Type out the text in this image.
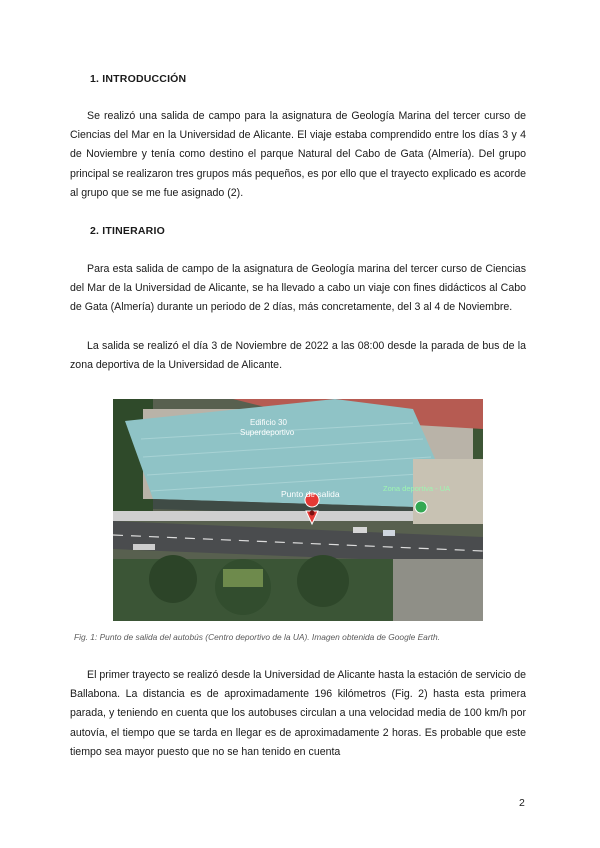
1. INTRODUCCIÓN

Se realizó una salida de campo para la asignatura de Geología Marina del tercer curso de Ciencias del Mar en la Universidad de Alicante. El viaje estaba comprendido entre los días 3 y 4 de Noviembre y tenía como destino el parque Natural del Cabo de Gata (Almería). Del grupo principal se realizaron tres grupos más pequeños, es por ello que el trayecto explicado es acorde al grupo que se me fue asignado (2).

2. ITINERARIO

Para esta salida de campo de la asignatura de Geología marina del tercer curso de Ciencias del Mar de la Universidad de Alicante, se ha llevado a cabo un viaje con fines didácticos al Cabo de Gata (Almería) durante un periodo de 2 días, más concretamente, del 3 al 4 de Noviembre.

La salida se realizó el día 3 de Noviembre de 2022 a las 08:00 desde la parada de bus de la zona deportiva de la Universidad de Alicante.

Edificio 30
Superdeportivo
Punto de salida
Zona deportiva - UA
Fig. 1: Punto de salida del autobús (Centro deportivo de la UA). Imagen obtenida de Google Earth.

El primer trayecto se realizó desde la Universidad de Alicante hasta la estación de servicio de Ballabona. La distancia es de aproximadamente 196 kilómetros (Fig. 2) hasta esta primera parada, y teniendo en cuenta que los autobuses circulan a una velocidad media de 100 km/h por autovía, el tiempo que se tarda en llegar es de aproximadamente 2 horas. Es probable que este tiempo sea mayor puesto que no se han tenido en cuenta

2
